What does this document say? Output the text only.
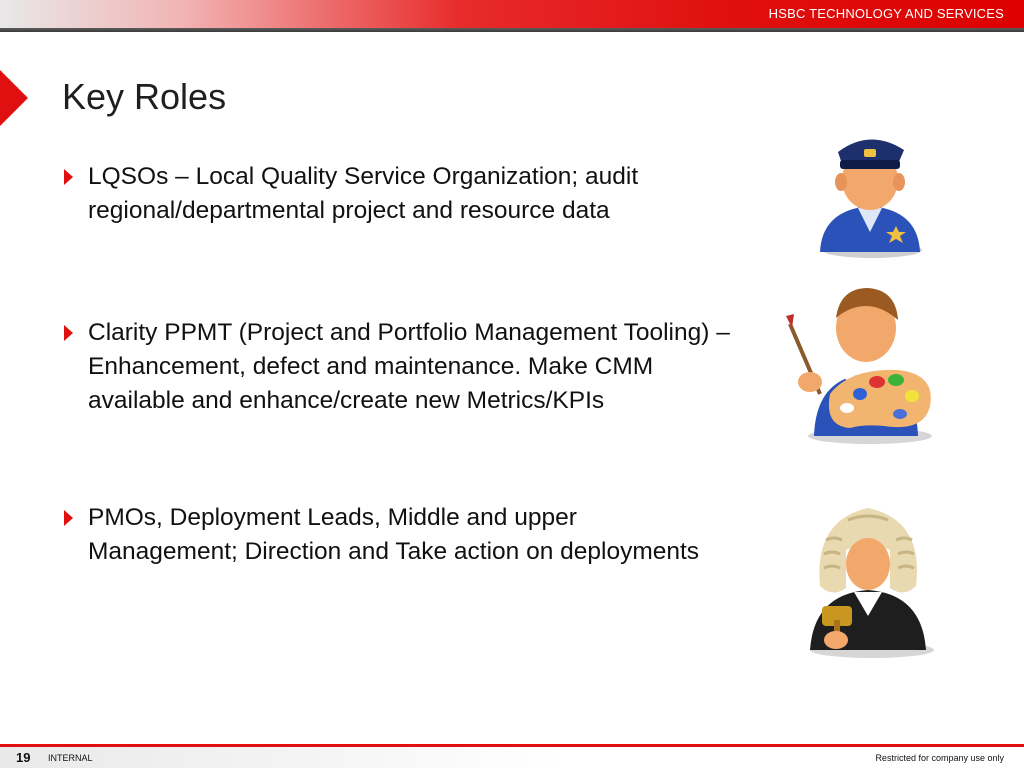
HSBC TECHNOLOGY AND SERVICES
Key Roles
LQSOs – Local Quality Service Organization; audit regional/departmental project and resource data
Clarity PPMT (Project and Portfolio Management Tooling) – Enhancement, defect and maintenance. Make CMM available and enhance/create new Metrics/KPIs
PMOs, Deployment Leads, Middle and upper Management; Direction and Take action on deployments
19 INTERNAL	Restricted for company use only
